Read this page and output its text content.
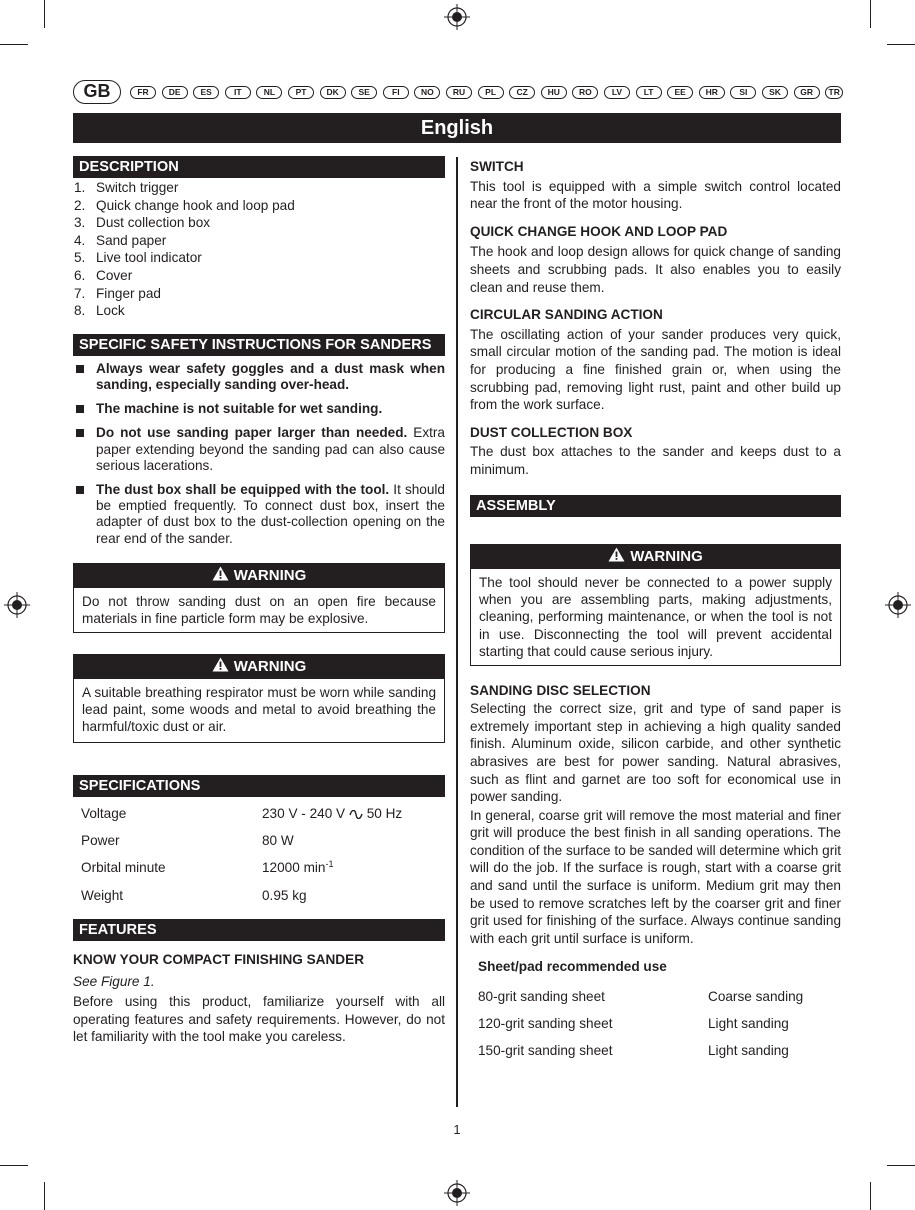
GB	FR	DE	ES	IT	NL	PT	DK	SE	FI	NO	RU	PL	CZ	HU	RO	LV	LT	EE	HR	SI	SK	GR	TR
English
DESCRIPTION
1. Switch trigger
2. Quick change hook and loop pad
3. Dust collection box
4. Sand paper
5. Live tool indicator
6. Cover
7. Finger pad
8. Lock
SPECIFIC SAFETY INSTRUCTIONS FOR SANDERS
Always wear safety goggles and a dust mask when sanding, especially sanding over-head.
The machine is not suitable for wet sanding.
Do not use sanding paper larger than needed. Extra paper extending beyond the sanding pad can also cause serious lacerations.
The dust box shall be equipped with the tool. It should be emptied frequently. To connect dust box, insert the adapter of dust box to the dust-collection opening on the rear end of the sander.
WARNING
Do not throw sanding dust on an open fire because materials in fine particle form may be explosive.
WARNING
A suitable breathing respirator must be worn while sanding lead paint, some woods and metal to avoid breathing the harmful/toxic dust or air.
SPECIFICATIONS
Voltage	230 V - 240 V 50 Hz
Power	80 W
Orbital minute	12000 $\min^{-1}$
Weight	0.95 kg
FEATURES
KNOW YOUR COMPACT FINISHING SANDER
See Figure 1.
Before using this product, familiarize yourself with all operating features and safety requirements. However, do not let familiarity with the tool make you careless.
SWITCH
This tool is equipped with a simple switch control located near the front of the motor housing.
QUICK CHANGE HOOK AND LOOP PAD
The hook and loop design allows for quick change of sanding sheets and scrubbing pads. It also enables you to easily clean and reuse them.
CIRCULAR SANDING ACTION
The oscillating action of your sander produces very quick, small circular motion of the sanding pad. The motion is ideal for producing a fine finished grain or, when using the scrubbing pad, removing light rust, paint and other build up from the work surface.
DUST COLLECTION BOX
The dust box attaches to the sander and keeps dust to a minimum.
ASSEMBLY
WARNING
The tool should never be connected to a power supply when you are assembling parts, making adjustments, cleaning, performing maintenance, or when the tool is not in use. Disconnecting the tool will prevent accidental starting that could cause serious injury.
SANDING DISC SELECTION
Selecting the correct size, grit and type of sand paper is extremely important step in achieving a high quality sanded finish. Aluminum oxide, silicon carbide, and other synthetic abrasives are best for power sanding. Natural abrasives, such as flint and garnet are too soft for economical use in power sanding.
In general, coarse grit will remove the most material and finer grit will produce the best finish in all sanding operations. The condition of the surface to be sanded will determine which grit will do the job. If the surface is rough, start with a coarse grit and sand until the surface is uniform. Medium grit may then be used to remove scratches left by the coarser grit and finer grit used for finishing of the surface. Always continue sanding with each grit until surface is uniform.
Sheet/pad recommended use
80-grit sanding sheet	Coarse sanding
120-grit sanding sheet	Light sanding
150-grit sanding sheet	Light sanding
1
